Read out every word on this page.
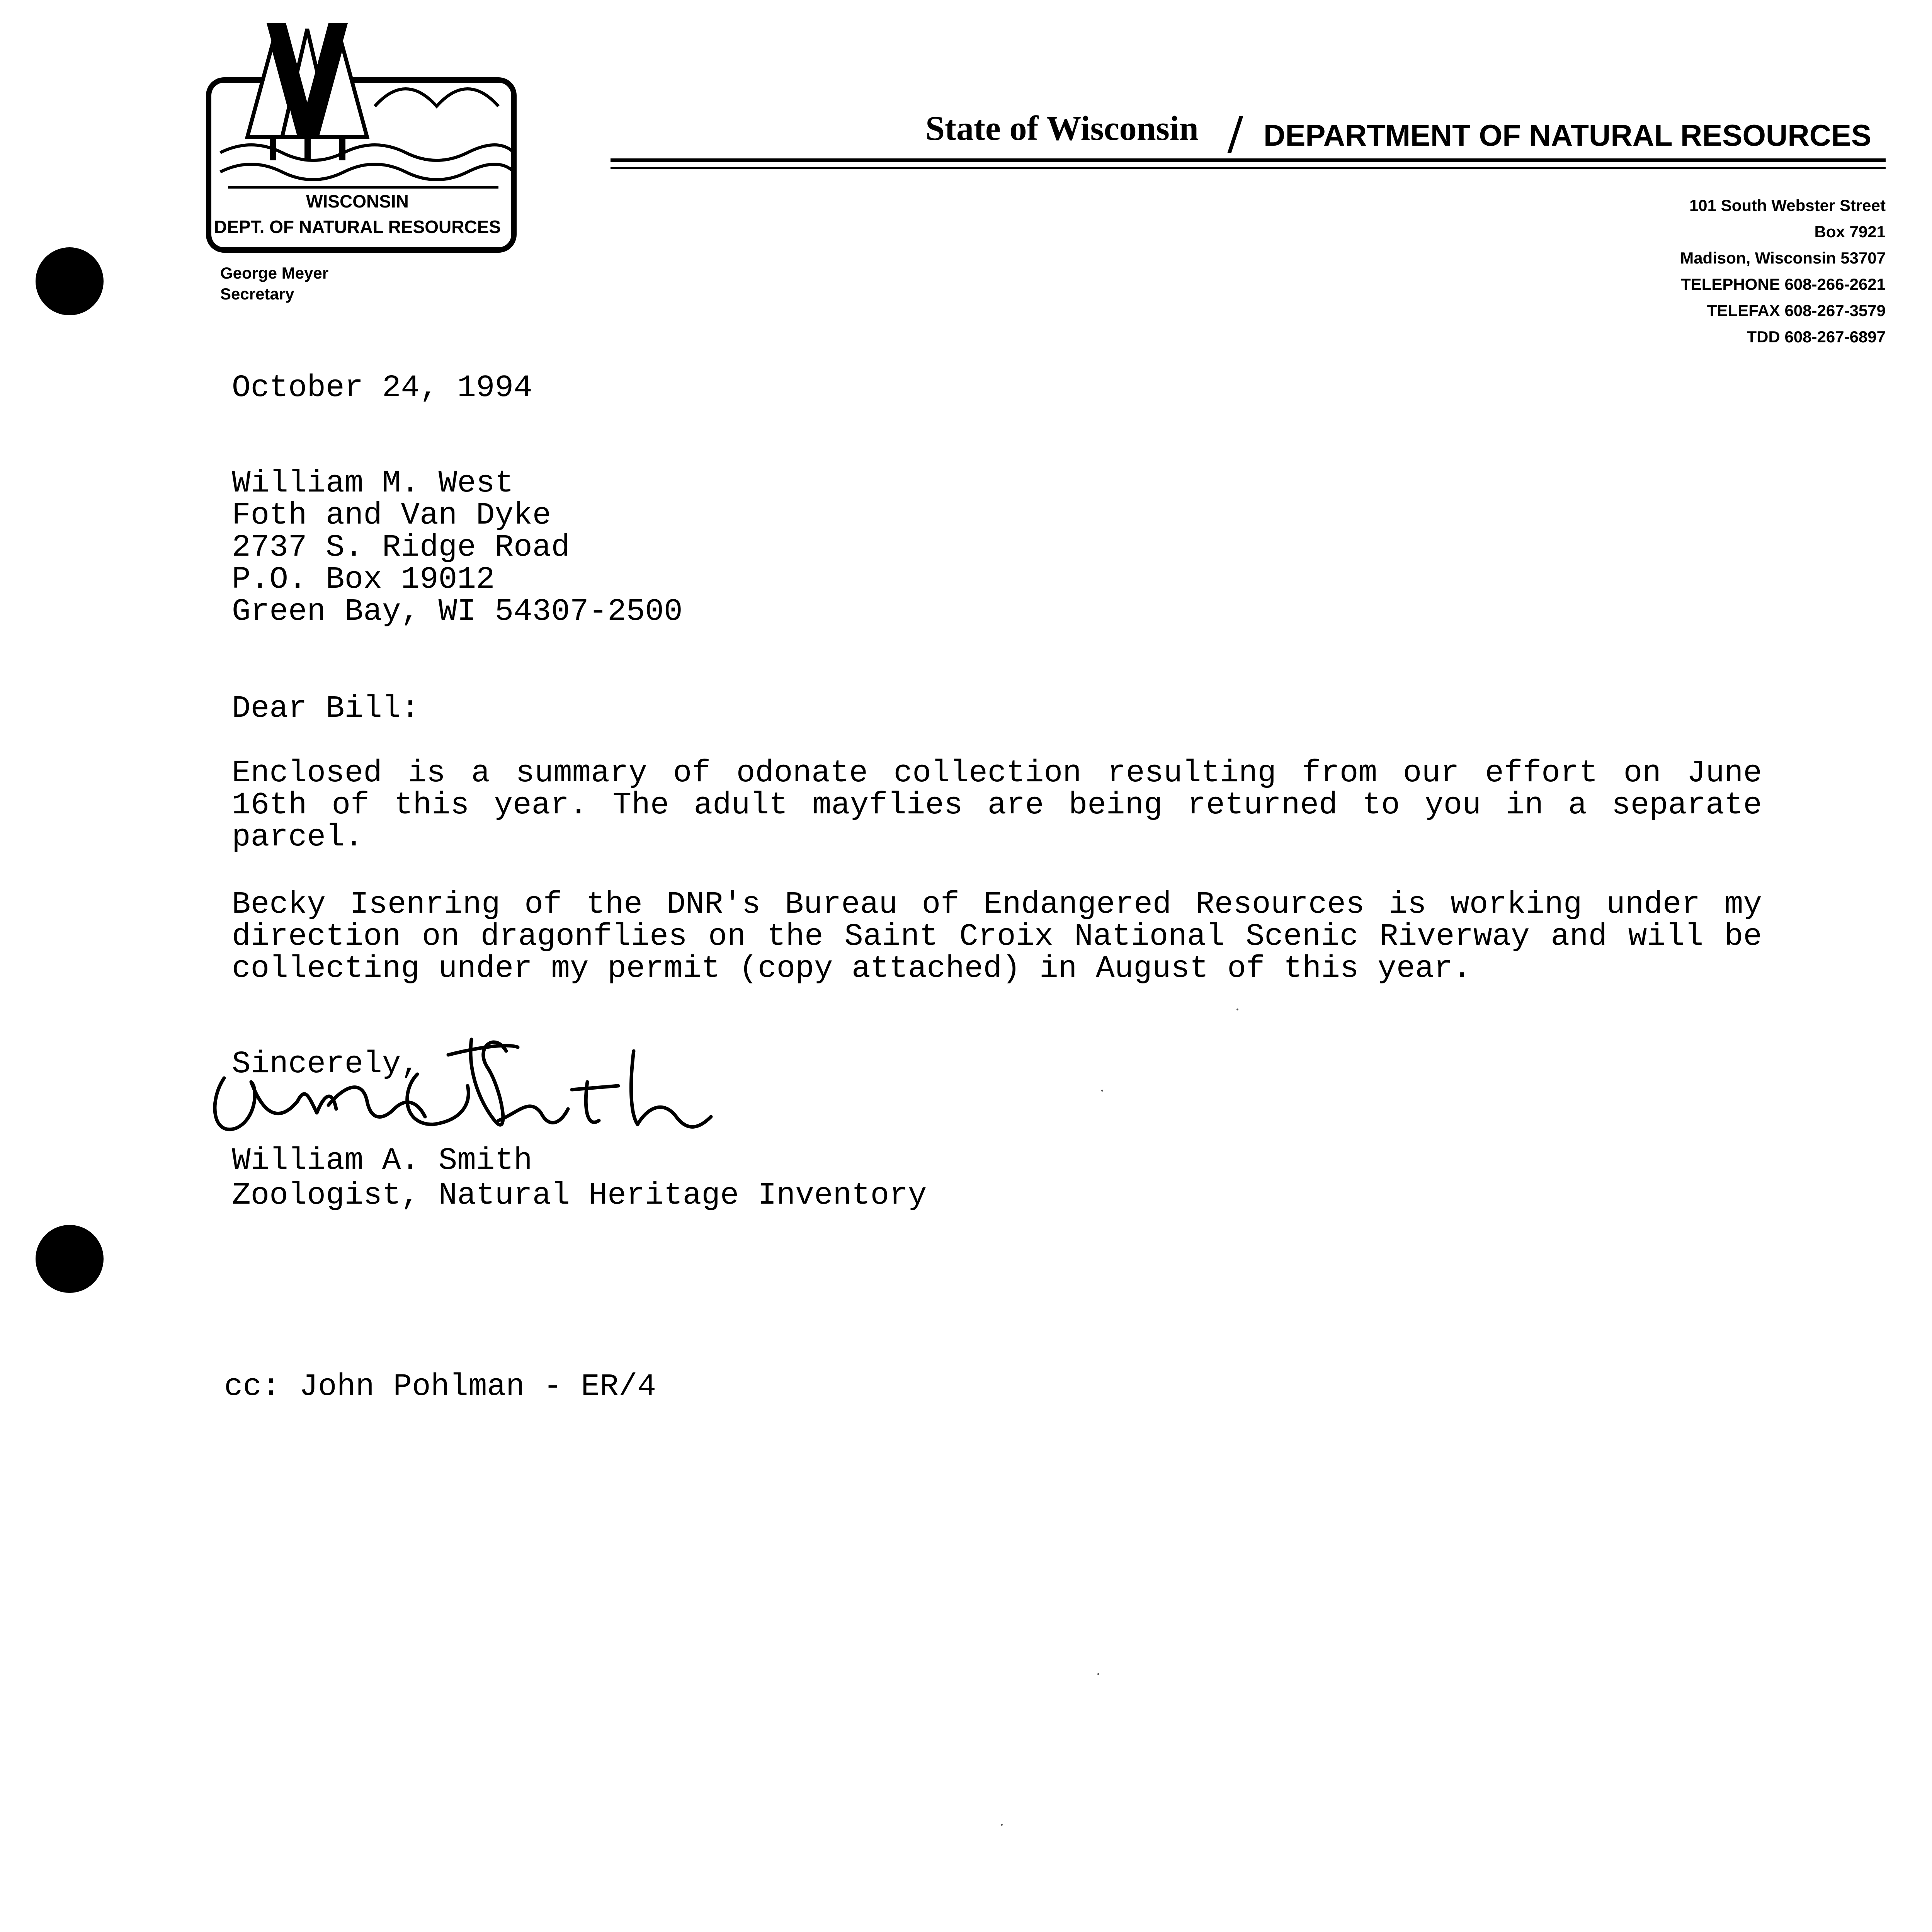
WISCONSIN
DEPT. OF NATURAL RESOURCES
George Meyer
Secretary
State of Wisconsin DEPARTMENT OF NATURAL RESOURCES
101 South Webster Street
Box 7921
Madison, Wisconsin 53707
TELEPHONE 608-266-2621
TELEFAX 608-267-3579
TDD 608-267-6897
October 24, 1994
William M. West
Foth and Van Dyke
2737 S. Ridge Road
P.O. Box 19012
Green Bay, WI 54307-2500
Dear Bill:
Enclosed is a summary of odonate collection resulting from our effort on June 16th of this year. The adult mayflies are being returned to you in a separate parcel.
Becky Isenring of the DNR's Bureau of Endangered Resources is working under my direction on dragonflies on the Saint Croix National Scenic Riverway and will be collecting under my permit (copy attached) in August of this year.
Sincerely,
William A. Smith
Zoologist, Natural Heritage Inventory
cc: John Pohlman - ER/4
